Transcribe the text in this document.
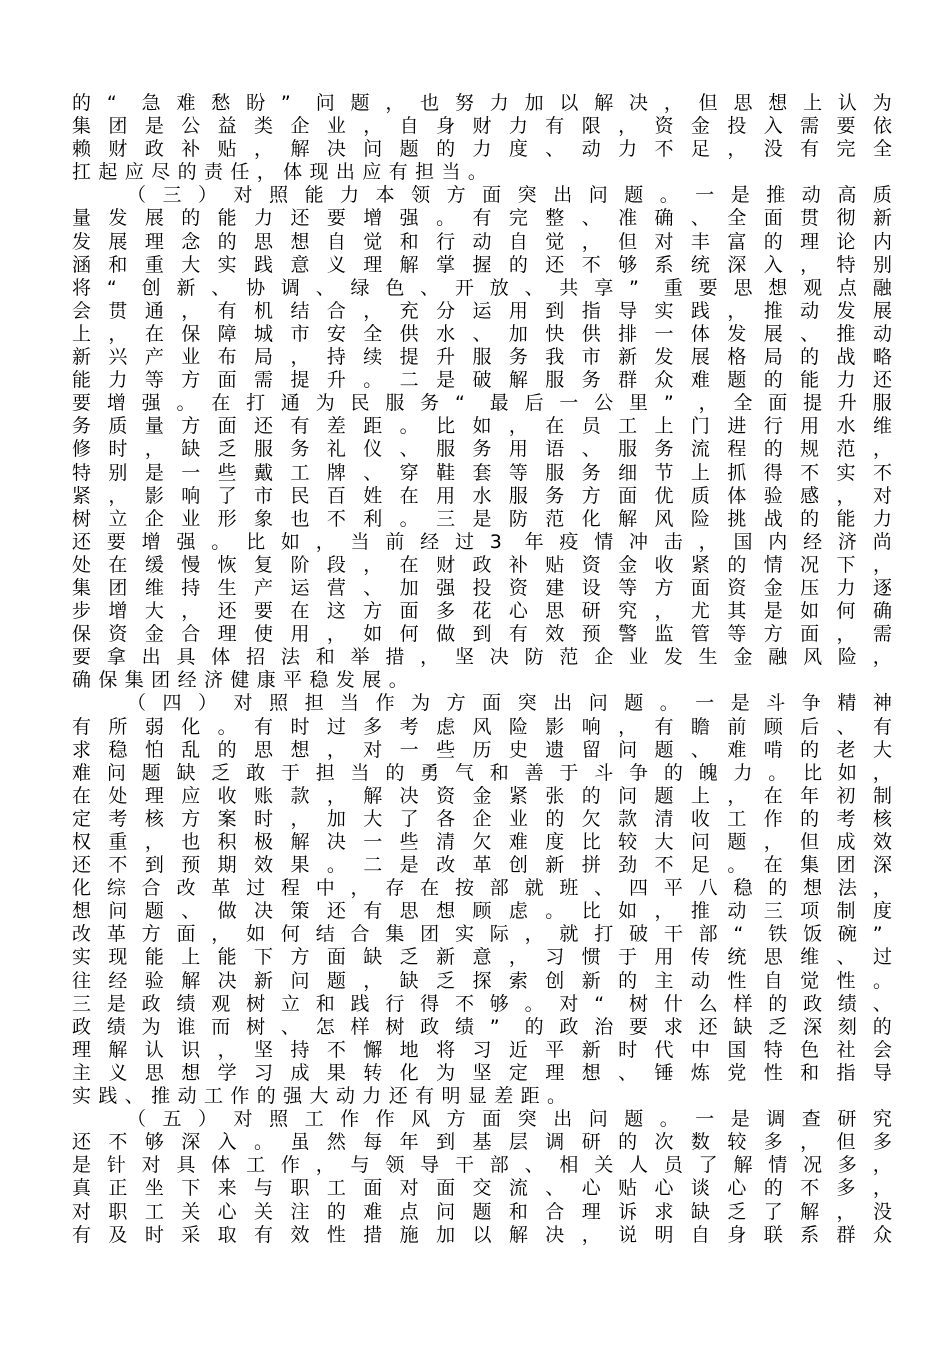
的 “ 急 难 愁 盼 ” 问 题 ， 也 努 力 加 以 解 决 ， 但 思 想 上 认 为
集 团 是 公 益 类 企 业 ， 自 身 财 力 有 限 ， 资 金 投 入 需 要 依
赖 财 政 补 贴 ， 解 决 问 题 的 力 度 、 动 力 不 足 ， 没 有 完 全
扛 起 应 尽 的 责 任 ， 体 现 出 应 有 担 当 。
（ 三 ） 对 照 能 力 本 领 方 面 突 出 问 题 。 一 是 推 动 高 质
量 发 展 的 能 力 还 要 增 强 。 有 完 整 、 准 确 、 全 面 贯 彻 新
发 展 理 念 的 思 想 自 觉 和 行 动 自 觉 ， 但 对 丰 富 的 理 论 内
涵 和 重 大 实 践 意 义 理 解 掌 握 的 还 不 够 系 统 深 入 ， 特 别
将 “ 创 新 、 协 调 、 绿 色 、 开 放 、 共 享 ” 重 要 思 想 观 点 融
会 贯 通 ， 有 机 结 合 ， 充 分 运 用 到 指 导 实 践 ， 推 动 发 展
上 ， 在 保 障 城 市 安 全 供 水 、 加 快 供 排 一 体 发 展 、 推 动
新 兴 产 业 布 局 ， 持 续 提 升 服 务 我 市 新 发 展 格 局 的 战 略
能 力 等 方 面 需 提 升 。 二 是 破 解 服 务 群 众 难 题 的 能 力 还
要 增 强 。 在 打 通 为 民 服 务 “ 最 后 一 公 里 ” ， 全 面 提 升 服
务 质 量 方 面 还 有 差 距 。 比 如 ， 在 员 工 上 门 进 行 用 水 维
修 时 ， 缺 乏 服 务 礼 仪 、 服 务 用 语 、 服 务 流 程 的 规 范 ，
特 别 是 一 些 戴 工 牌 、 穿 鞋 套 等 服 务 细 节 上 抓 得 不 实 不
紧 ， 影 响 了 市 民 百 姓 在 用 水 服 务 方 面 优 质 体 验 感 ， 对
树 立 企 业 形 象 也 不 利 。 三 是 防 范 化 解 风 险 挑 战 的 能 力
还 要 增 强 。 比 如 ， 当 前 经 过 3 年 疫 情 冲 击 ， 国 内 经 济 尚
处 在 缓 慢 恢 复 阶 段 ， 在 财 政 补 贴 资 金 收 紧 的 情 况 下 ，
集 团 维 持 生 产 运 营 、 加 强 投 资 建 设 等 方 面 资 金 压 力 逐
步 增 大 ， 还 要 在 这 方 面 多 花 心 思 研 究 ， 尤 其 是 如 何 确
保 资 金 合 理 使 用 ， 如 何 做 到 有 效 预 警 监 管 等 方 面 ， 需
要 拿 出 具 体 招 法 和 举 措 ， 坚 决 防 范 企 业 发 生 金 融 风 险 ，
确 保 集 团 经 济 健 康 平 稳 发 展 。
（ 四 ） 对 照 担 当 作 为 方 面 突 出 问 题 。 一 是 斗 争 精 神
有 所 弱 化 。 有 时 过 多 考 虑 风 险 影 响 ， 有 瞻 前 顾 后 、 有
求 稳 怕 乱 的 思 想 ， 对 一 些 历 史 遗 留 问 题 、 难 啃 的 老 大
难 问 题 缺 乏 敢 于 担 当 的 勇 气 和 善 于 斗 争 的 魄 力 。 比 如 ，
在 处 理 应 收 账 款 ， 解 决 资 金 紧 张 的 问 题 上 ， 在 年 初 制
定 考 核 方 案 时 ， 加 大 了 各 企 业 的 欠 款 清 收 工 作 的 考 核
权 重 ， 也 积 极 解 决 一 些 清 欠 难 度 比 较 大 问 题 ， 但 成 效
还 不 到 预 期 效 果 。 二 是 改 革 创 新 拼 劲 不 足 。 在 集 团 深
化 综 合 改 革 过 程 中 ， 存 在 按 部 就 班 、 四 平 八 稳 的 想 法 ，
想 问 题 、 做 决 策 还 有 思 想 顾 虑 。 比 如 ， 推 动 三 项 制 度
改 革 方 面 ， 如 何 结 合 集 团 实 际 ， 就 打 破 干 部 “ 铁 饭 碗 ”
实 现 能 上 能 下 方 面 缺 乏 新 意 ， 习 惯 于 用 传 统 思 维 、 过
往 经 验 解 决 新 问 题 ， 缺 乏 探 索 创 新 的 主 动 性 自 觉 性 。
三 是 政 绩 观 树 立 和 践 行 得 不 够 。 对 “ 树 什 么 样 的 政 绩 、
政 绩 为 谁 而 树 、 怎 样 树 政 绩 ” 的 政 治 要 求 还 缺 乏 深 刻 的
理 解 认 识 ， 坚 持 不 懈 地 将 习 近 平 新 时 代 中 国 特 色 社 会
主 义 思 想 学 习 成 果 转 化 为 坚 定 理 想 、 锤 炼 党 性 和 指 导
实 践 、 推 动 工 作 的 强 大 动 力 还 有 明 显 差 距 。
（ 五 ） 对 照 工 作 作 风 方 面 突 出 问 题 。 一 是 调 查 研 究
还 不 够 深 入 。 虽 然 每 年 到 基 层 调 研 的 次 数 较 多 ， 但 多
是 针 对 具 体 工 作 ， 与 领 导 干 部 、 相 关 人 员 了 解 情 况 多 ，
真 正 坐 下 来 与 职 工 面 对 面 交 流 、 心 贴 心 谈 心 的 不 多 ，
对 职 工 关 心 关 注 的 难 点 问 题 和 合 理 诉 求 缺 乏 了 解 ， 没
有 及 时 采 取 有 效 性 措 施 加 以 解 决 ， 说 明 自 身 联 系 群 众
